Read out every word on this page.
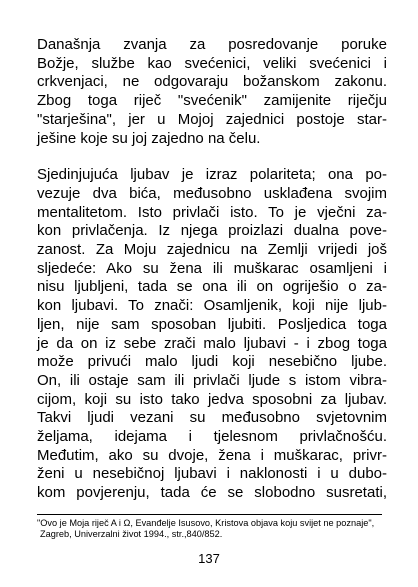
Današnja zvanja za posredovanje poruke
Božje, službe kao svećenici, veliki svećenici i
crkvenjaci, ne odgovaraju božanskom zakonu.
Zbog toga riječ "svećenik" zamijenite riječju
"starješina", jer u Mojoj zajednici postoje star-
ješine koje su joj zajedno na čelu.
Sjedinjujuća ljubav je izraz polariteta; ona po-
vezuje dva bića, međusobno usklađena svojim
mentalitetom. Isto privlači isto. To je vječni za-
kon privlačenja. Iz njega proizlazi dualna pove-
zanost. Za Moju zajednicu na Zemlji vrijedi još
sljedeće: Ako su žena ili muškarac osamljeni i
nisu ljubljeni, tada se ona ili on ogriješio o za-
kon ljubavi. To znači: Osamljenik, koji nije ljub-
ljen, nije sam sposoban ljubiti. Posljedica toga
je da on iz sebe zrači malo ljubavi - i zbog toga
može privući malo ljudi koji nesebično ljube.
On, ili ostaje sam ili privlači ljude s istom vibra-
cijom, koji su isto tako jedva sposobni za ljubav.
Takvi ljudi vezani su međusobno svjetovnim
željama, idejama i tjelesnom privlačnošću.
Međutim, ako su dvoje, žena i muškarac, privr-
ženi u nesebičnoj ljubavi i naklonosti i u dubo-
kom povjerenju, tada će se slobodno susretati,
"Ovo je Moja riječ A i Ω, Evanđelje Isusovo, Kristova objava koju svijet ne poznaje",
Zagreb, Univerzalni život 1994., str.,840/852.
137
